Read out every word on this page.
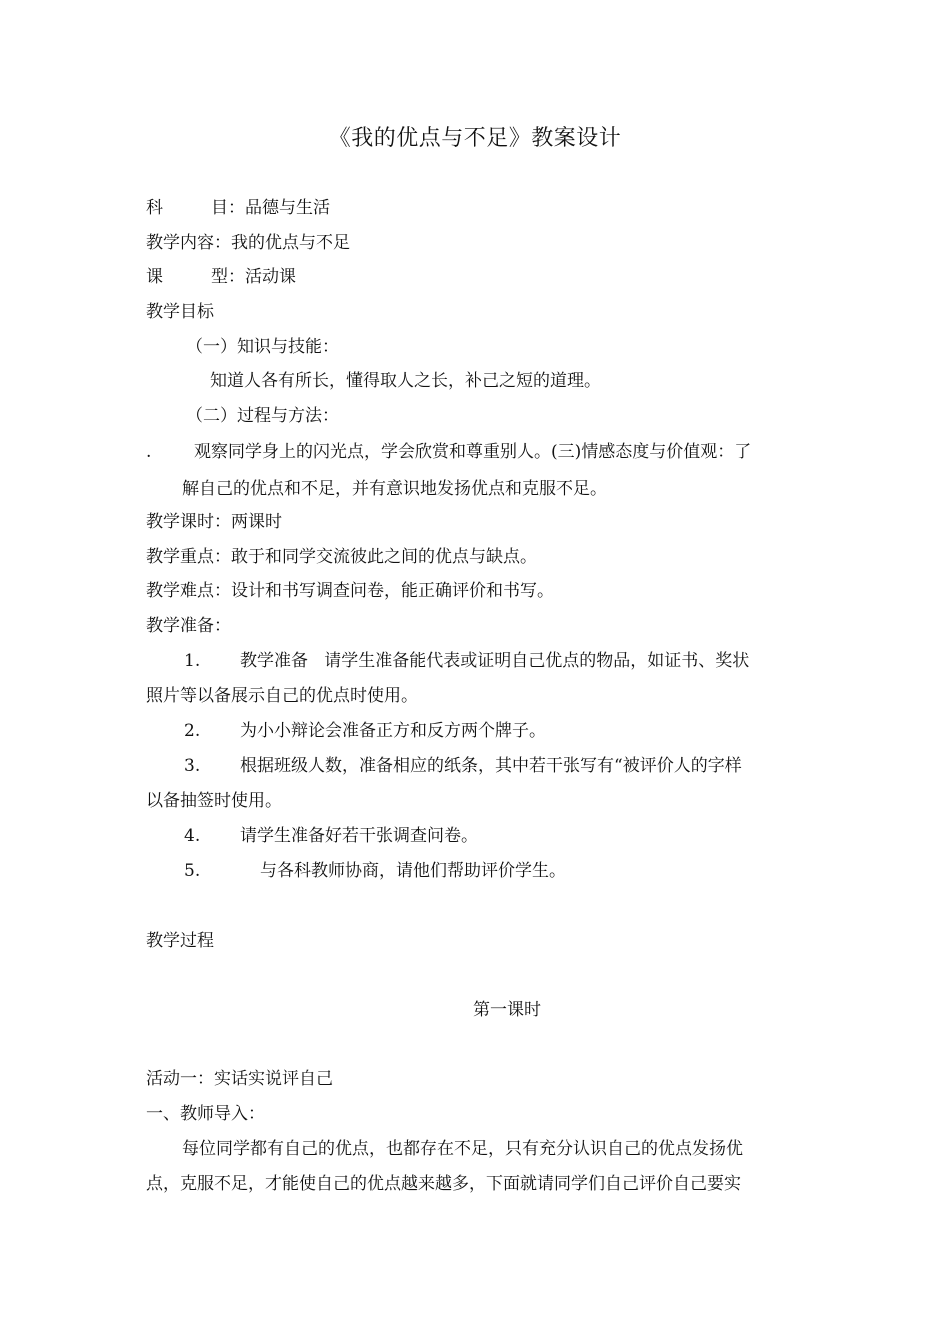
《我的优点与不足》教案设计
科	目：品德与生活
教学内容：我的优点与不足
课	型：活动课
教学目标
（一）知识与技能：
知道人各有所长，懂得取人之长，补己之短的道理。
（二）过程与方法：
.	观察同学身上的闪光点，学会欣赏和尊重别人。(三)情感态度与价值观：了
解自己的优点和不足，并有意识地发扬优点和克服不足。
教学课时：两课时
教学重点：敢于和同学交流彼此之间的优点与缺点。
教学难点：设计和书写调查问卷，能正确评价和书写。
教学准备：
1. 教学准备   请学生准备能代表或证明自己优点的物品，如证书、奖状
照片等以备展示自己的优点时使用。
2. 为小小辩论会准备正方和反方两个牌子。
3. 根据班级人数，准备相应的纸条，其中若干张写有“被评价人的字样
以备抽签时使用。
4. 请学生准备好若干张调查问卷。
5.	与各科教师协商，请他们帮助评价学生。
教学过程
第一课时
活动一：实话实说评自己
一、教师导入：
每位同学都有自己的优点，也都存在不足，只有充分认识自己的优点发扬优
点，克服不足，才能使自己的优点越来越多，下面就请同学们自己评价自己要实
